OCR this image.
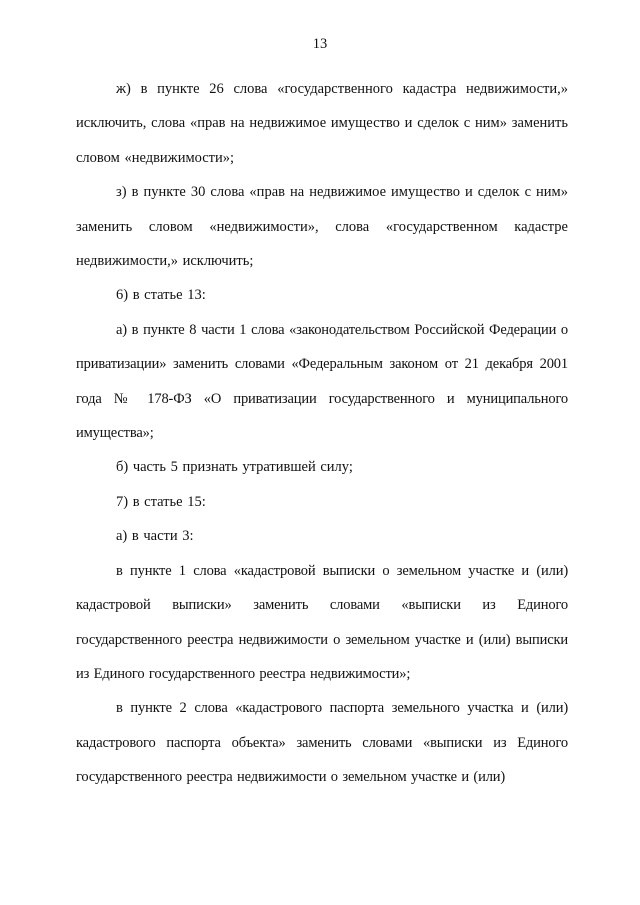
13

ж) в пункте 26 слова «государственного кадастра недвижимости,» исключить, слова «прав на недвижимое имущество и сделок с ним» заменить словом «недвижимости»;

з) в пункте 30 слова «прав на недвижимое имущество и сделок с ним» заменить словом «недвижимости», слова «государственном кадастре недвижимости,» исключить;

6) в статье 13:

а) в пункте 8 части 1 слова «законодательством Российской Федерации о приватизации» заменить словами «Федеральным законом от 21 декабря 2001 года № 178-ФЗ «О приватизации государственного и муниципального имущества»;

б) часть 5 признать утратившей силу;

7) в статье 15:

а) в части 3:

в пункте 1 слова «кадастровой выписки о земельном участке и (или) кадастровой выписки» заменить словами «выписки из Единого государственного реестра недвижимости о земельном участке и (или) выписки из Единого государственного реестра недвижимости»;

в пункте 2 слова «кадастрового паспорта земельного участка и (или) кадастрового паспорта объекта» заменить словами «выписки из Единого государственного реестра недвижимости о земельном участке и (или)
